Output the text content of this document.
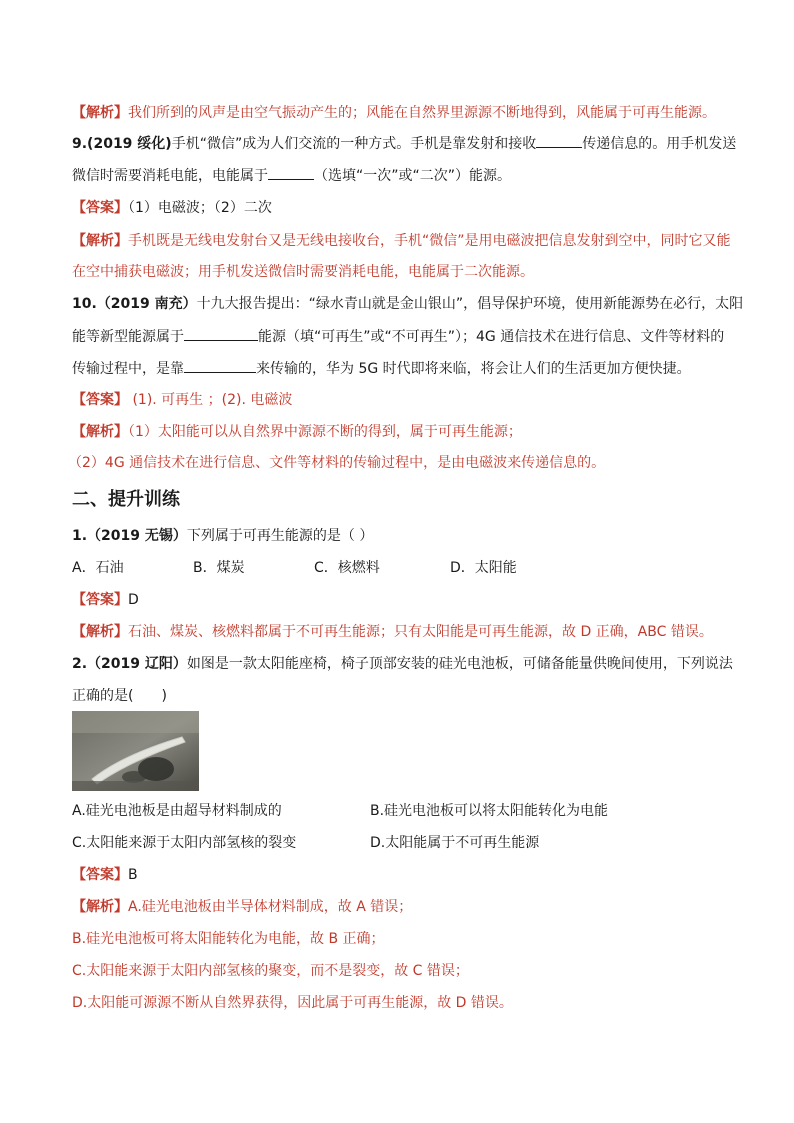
【解析】我们所到的风声是由空气振动产生的；风能在自然界里源源不断地得到，风能属于可再生能源。
9.(2019 绥化)手机“微信”成为人们交流的一种方式。手机是靠发射和接收	传递信息的。用手机发送
微信时需要消耗电能，电能属于	（选填“一次”或“二次”）能源。
【答案】（1）电磁波；（2）二次
【解析】手机既是无线电发射台又是无线电接收台，手机“微信”是用电磁波把信息发射到空中，同时它又能
在空中捕获电磁波；用手机发送微信时需要消耗电能，电能属于二次能源。
10.（2019 南充）十九大报告提出：“绿水青山就是金山银山”，倡导保护环境，使用新能源势在必行，太阳
能等新型能源属于	能源（填“可再生”或“不可再生”）；4G 通信技术在进行信息、文件等材料的
传输过程中，是靠	来传输的，华为 5G 时代即将来临，将会让人们的生活更加方便快捷。
【答案】 (1). 可再生 ；(2). 电磁波
【解析】（1）太阳能可以从自然界中源源不断的得到，属于可再生能源；
（2）4G 通信技术在进行信息、文件等材料的传输过程中，是由电磁波来传递信息的。
二、提升训练
1.（2019 无锡）下列属于可再生能源的是（ ）
A．石油	B．煤炭	C．核燃料	D．太阳能
【答案】D
【解析】石油、煤炭、核燃料都属于不可再生能源；只有太阳能是可再生能源，故 D 正确，ABC 错误。
2.（2019 辽阳）如图是一款太阳能座椅，椅子顶部安装的硅光电池板，可储备能量供晚间使用，下列说法
正确的是(　　)
A.硅光电池板是由超导材料制成的	B.硅光电池板可以将太阳能转化为电能
C.太阳能来源于太阳内部氢核的裂变	D.太阳能属于不可再生能源
【答案】B
【解析】A.硅光电池板由半导体材料制成，故 A 错误；
B.硅光电池板可将太阳能转化为电能，故 B 正确；
C.太阳能来源于太阳内部氢核的聚变，而不是裂变，故 C 错误；
D.太阳能可源源不断从自然界获得，因此属于可再生能源，故 D 错误。
